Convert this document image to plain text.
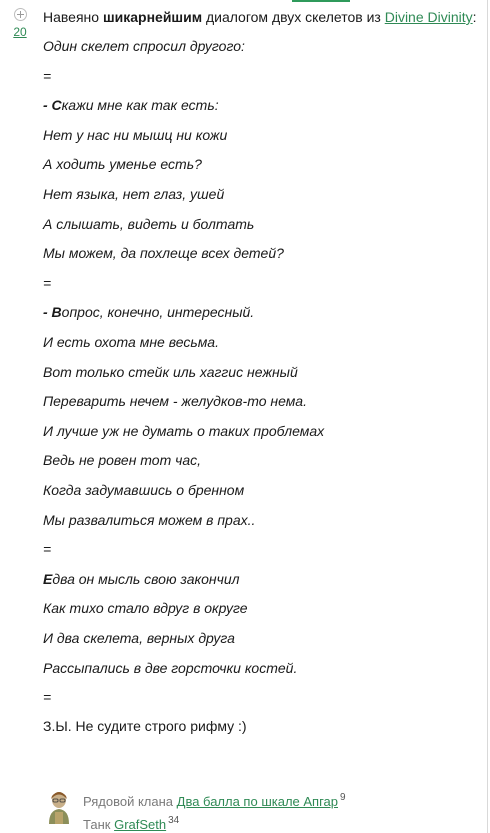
20

Навеяно шикарнейшим диалогом двух скелетов из Divine Divinity:

Один скелет спросил другого:
=
- Скажи мне как так есть:
Нет у нас ни мышц ни кожи
А ходить уменье есть?
Нет языка, нет глаз, ушей
А слышать, видеть и болтать
Мы можем, да похлеще всех детей?
=
- Вопрос, конечно, интересный.
И есть охота мне весьма.
Вот только стейк иль хаггис нежный
Переварить нечем - желудков-то нема.
И лучше уж не думать о таких проблемах
Ведь не ровен тот час,
Когда задумавшись о бренном
Мы развалиться можем в прах..
=
Едва он мысль свою закончил
Как тихо стало вдруг в округе
И два скелета, верных друга
Рассыпались в две горсточки костей.
=
З.Ы. Не судите строго рифму :)
Рядовой клана Два балла по шкале Апгар $^9$
Танк GrafSeth $^{34}$
